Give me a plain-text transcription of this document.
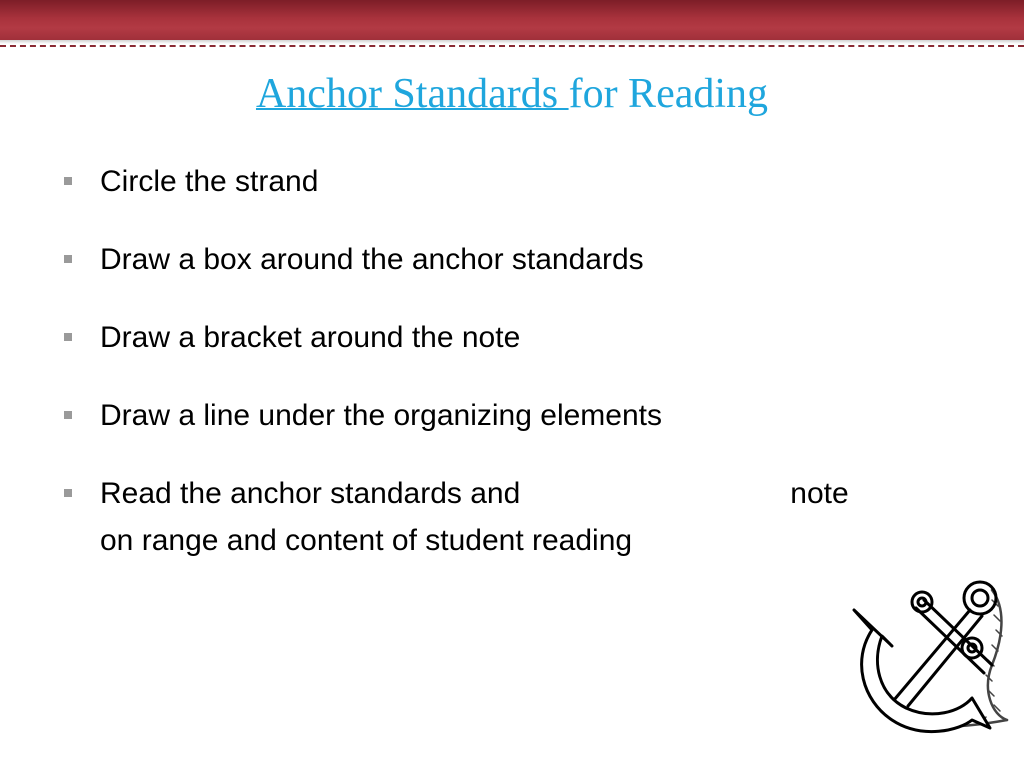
Anchor Standards for Reading
Circle the strand
Draw a box around the anchor standards
Draw a bracket around the note
Draw a line under the organizing elements
Read the anchor standards and	note
on range and content of student reading
